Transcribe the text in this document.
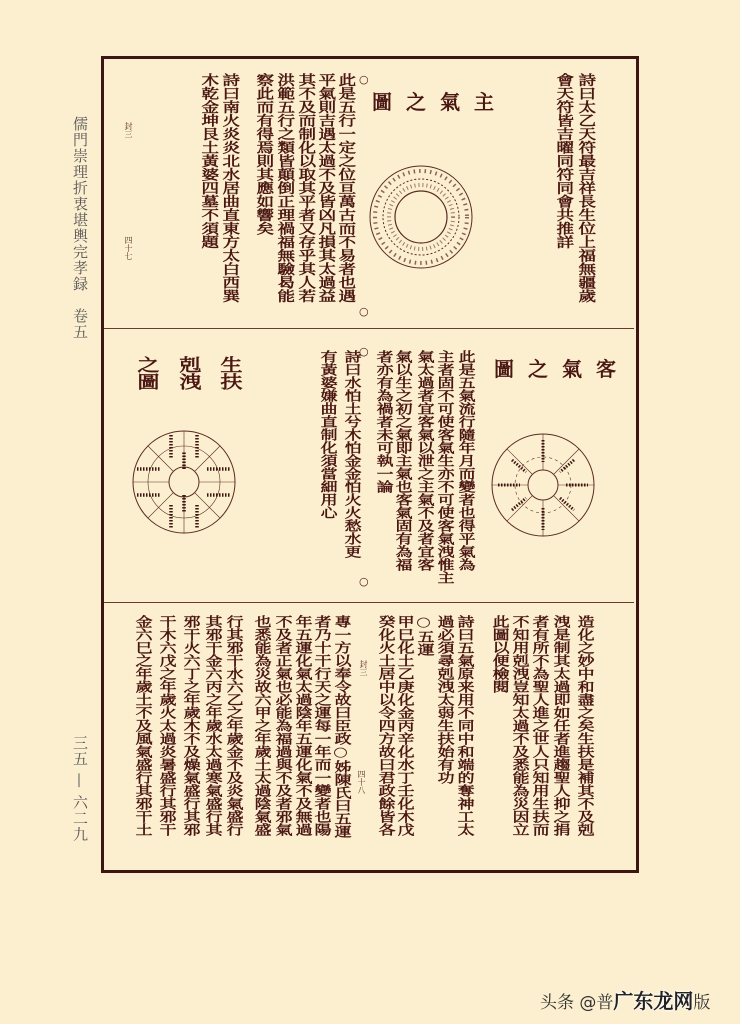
儒門崇理折衷堪輿完孝録　卷五
三五 — 六二九
詩曰太乙天符最吉祥長生位上福無疆歲
會天符皆吉曜同符同會共推詳
主氣之圖
○
○
此是五行一定之位亘萬古而不易者也遇
平氣則吉遇太過不及皆凶凡損其太過益
其不及而制化以取其平者又存乎其人若
洪範五行之類皆顛倒正理禍福無驗曷能
察此而有得焉則其應如響矣
詩曰南火炎炎北水居曲直東方太白西巽
木乾金坤艮土黃婆四墓不須題
封三
四十七
客氣之圖
此是五氣流行隨年月而變者也得平氣為
主者固不可使客氣生亦不可使客氣洩惟主
氣太過者宜客氣以泄之主氣不及者宜客
氣以生之初之氣即主氣也客氣固有為福
者亦有為禍者未可執一論
○
○
詩曰水怕土兮木怕金金怕火火愁水更
有黃婆嫌曲直制化須當細用心
生扶
剋洩
之圖
造化之妙中和盡之矣生扶是補其不及剋
洩是制其太過即如任者進趨聖人抑之捐
者有所不為聖人進之世人只知用生扶而
不知用剋洩豈知太過不及悉能為災因立
此圖以便檢閱
詩曰五氣原来用不同中和端的奪神工太
過必須尋剋洩太弱生扶始有功
○五運
甲巳化土乙庚化金丙辛化水丁壬化木戊
癸化火土居中以令四方故曰君政餘皆各
封三
專一方以奉令故曰臣政○姊陳氏曰五運 四十八
者乃十干行天之運每一年而一變者也陽
年五運化氣太過陰年五運化氣不及無過
不及者正氣也必能為福過與不及者邪氣
也悉能為災故六甲之年歲土太過陰氣盛
行其邪干水六乙之年歲金不及炎氣盛行
其邪干金六丙之年歲水太過寒氣盛行其
邪干火六丁之年歲木不及燥氣盛行其邪
干木六戊之年歲火太過炎暑盛行其邪干
金六巳之年歲土不及風氣盛行其邪干土
头条 @普广东龙网版
